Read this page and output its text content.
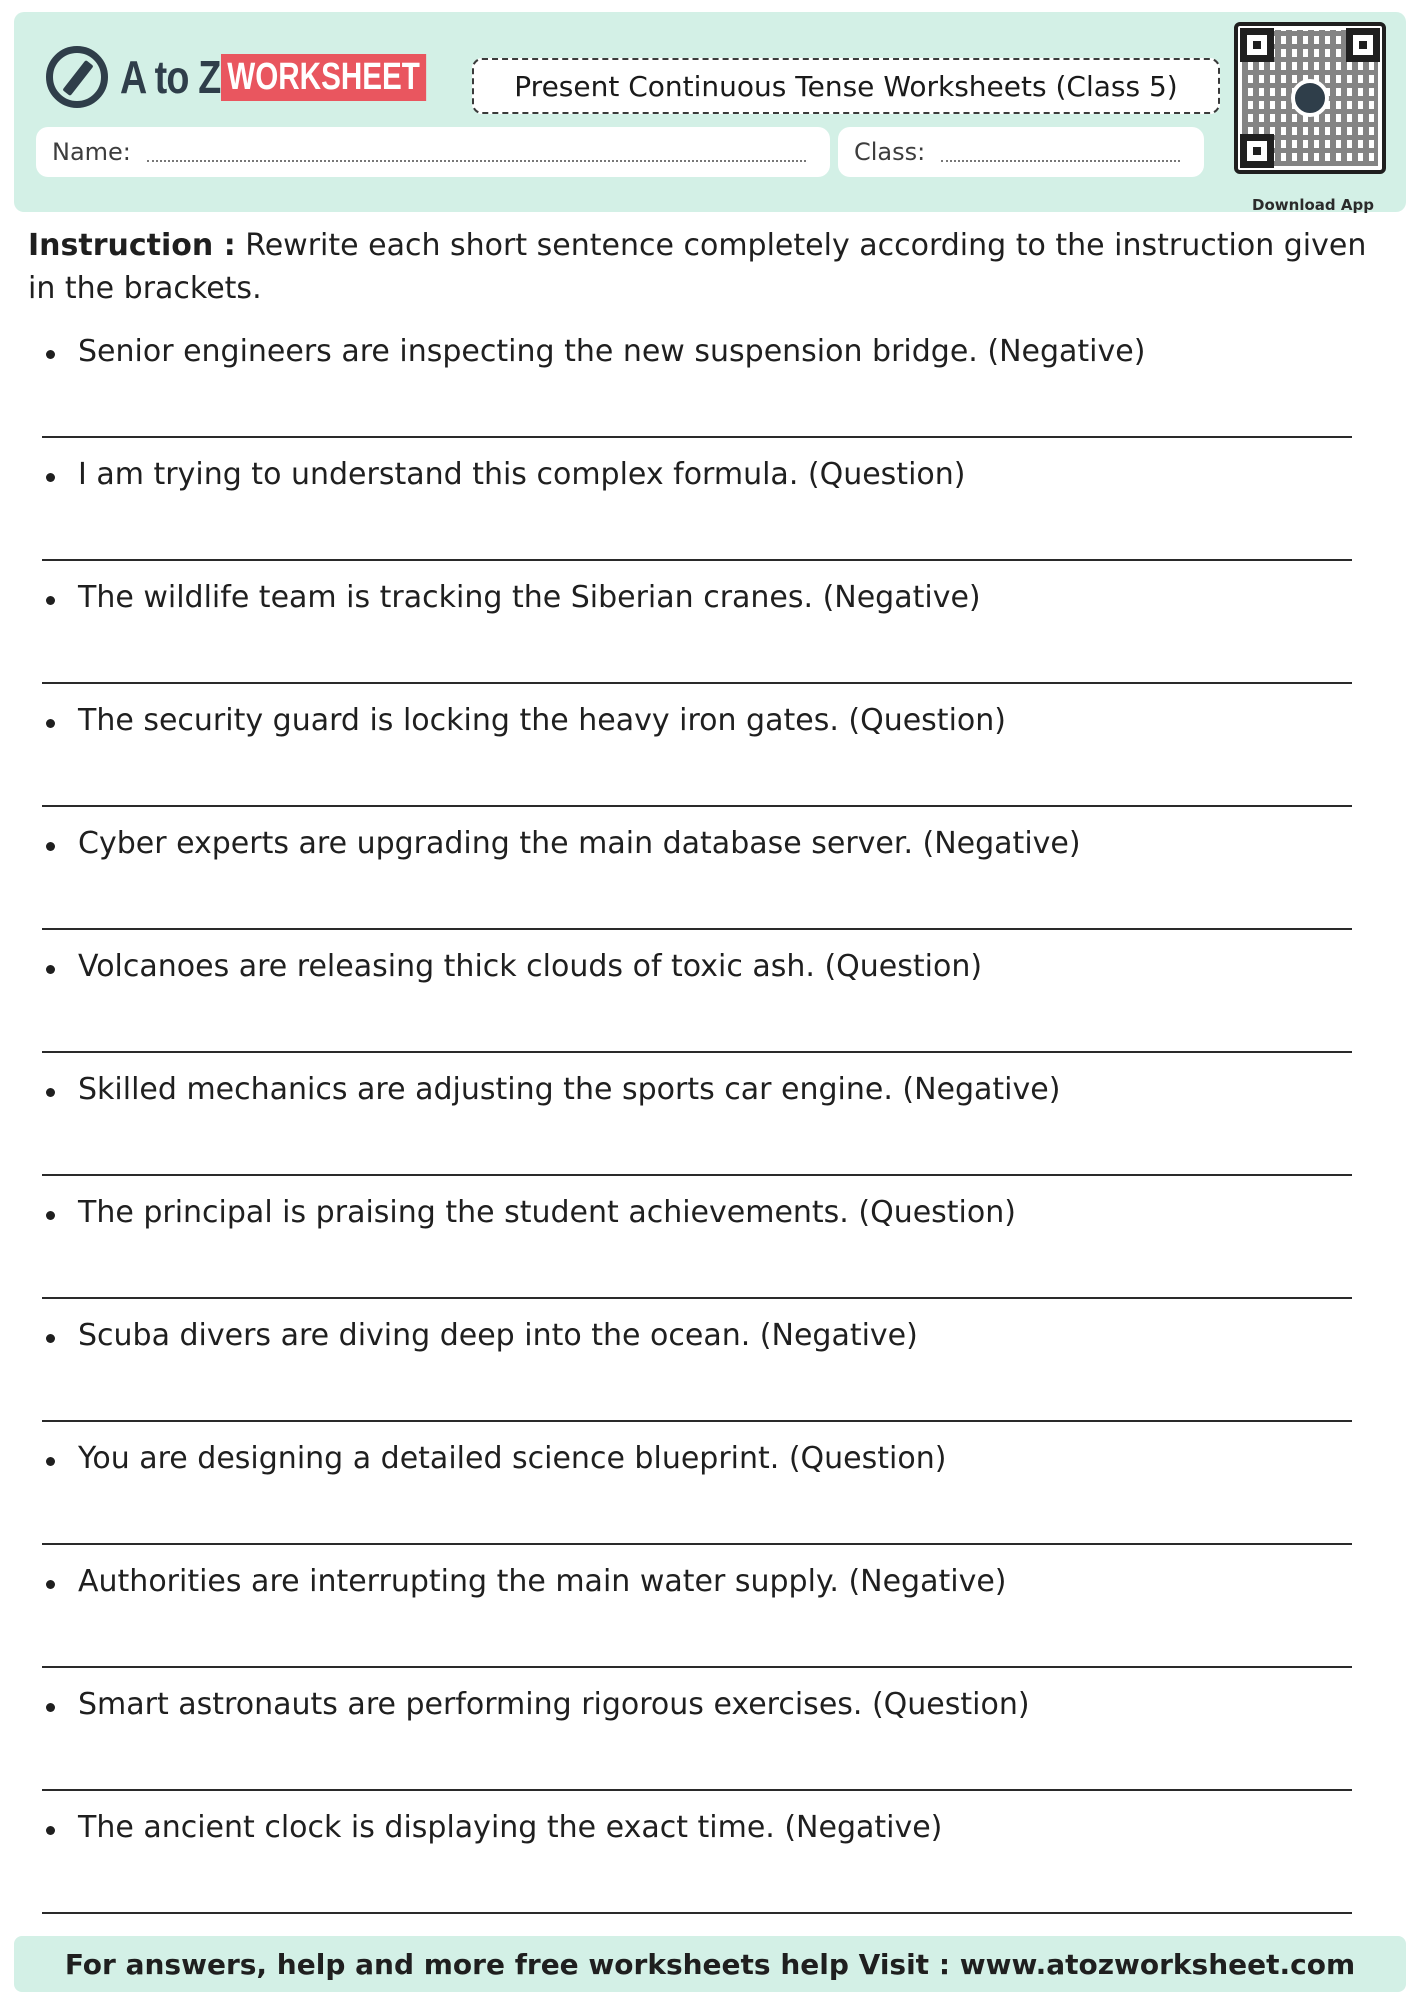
A to Z WORKSHEET	Present Continuous Tense Worksheets (Class 5)
Name:	Class:
Download App
Instruction : Rewrite each short sentence completely according to the instruction given in the brackets.
Senior engineers are inspecting the new suspension bridge. (Negative)
I am trying to understand this complex formula. (Question)
The wildlife team is tracking the Siberian cranes. (Negative)
The security guard is locking the heavy iron gates. (Question)
Cyber experts are upgrading the main database server. (Negative)
Volcanoes are releasing thick clouds of toxic ash. (Question)
Skilled mechanics are adjusting the sports car engine. (Negative)
The principal is praising the student achievements. (Question)
Scuba divers are diving deep into the ocean. (Negative)
You are designing a detailed science blueprint. (Question)
Authorities are interrupting the main water supply. (Negative)
Smart astronauts are performing rigorous exercises. (Question)
The ancient clock is displaying the exact time. (Negative)
For answers, help and more free worksheets help Visit : www.atozworksheet.com
